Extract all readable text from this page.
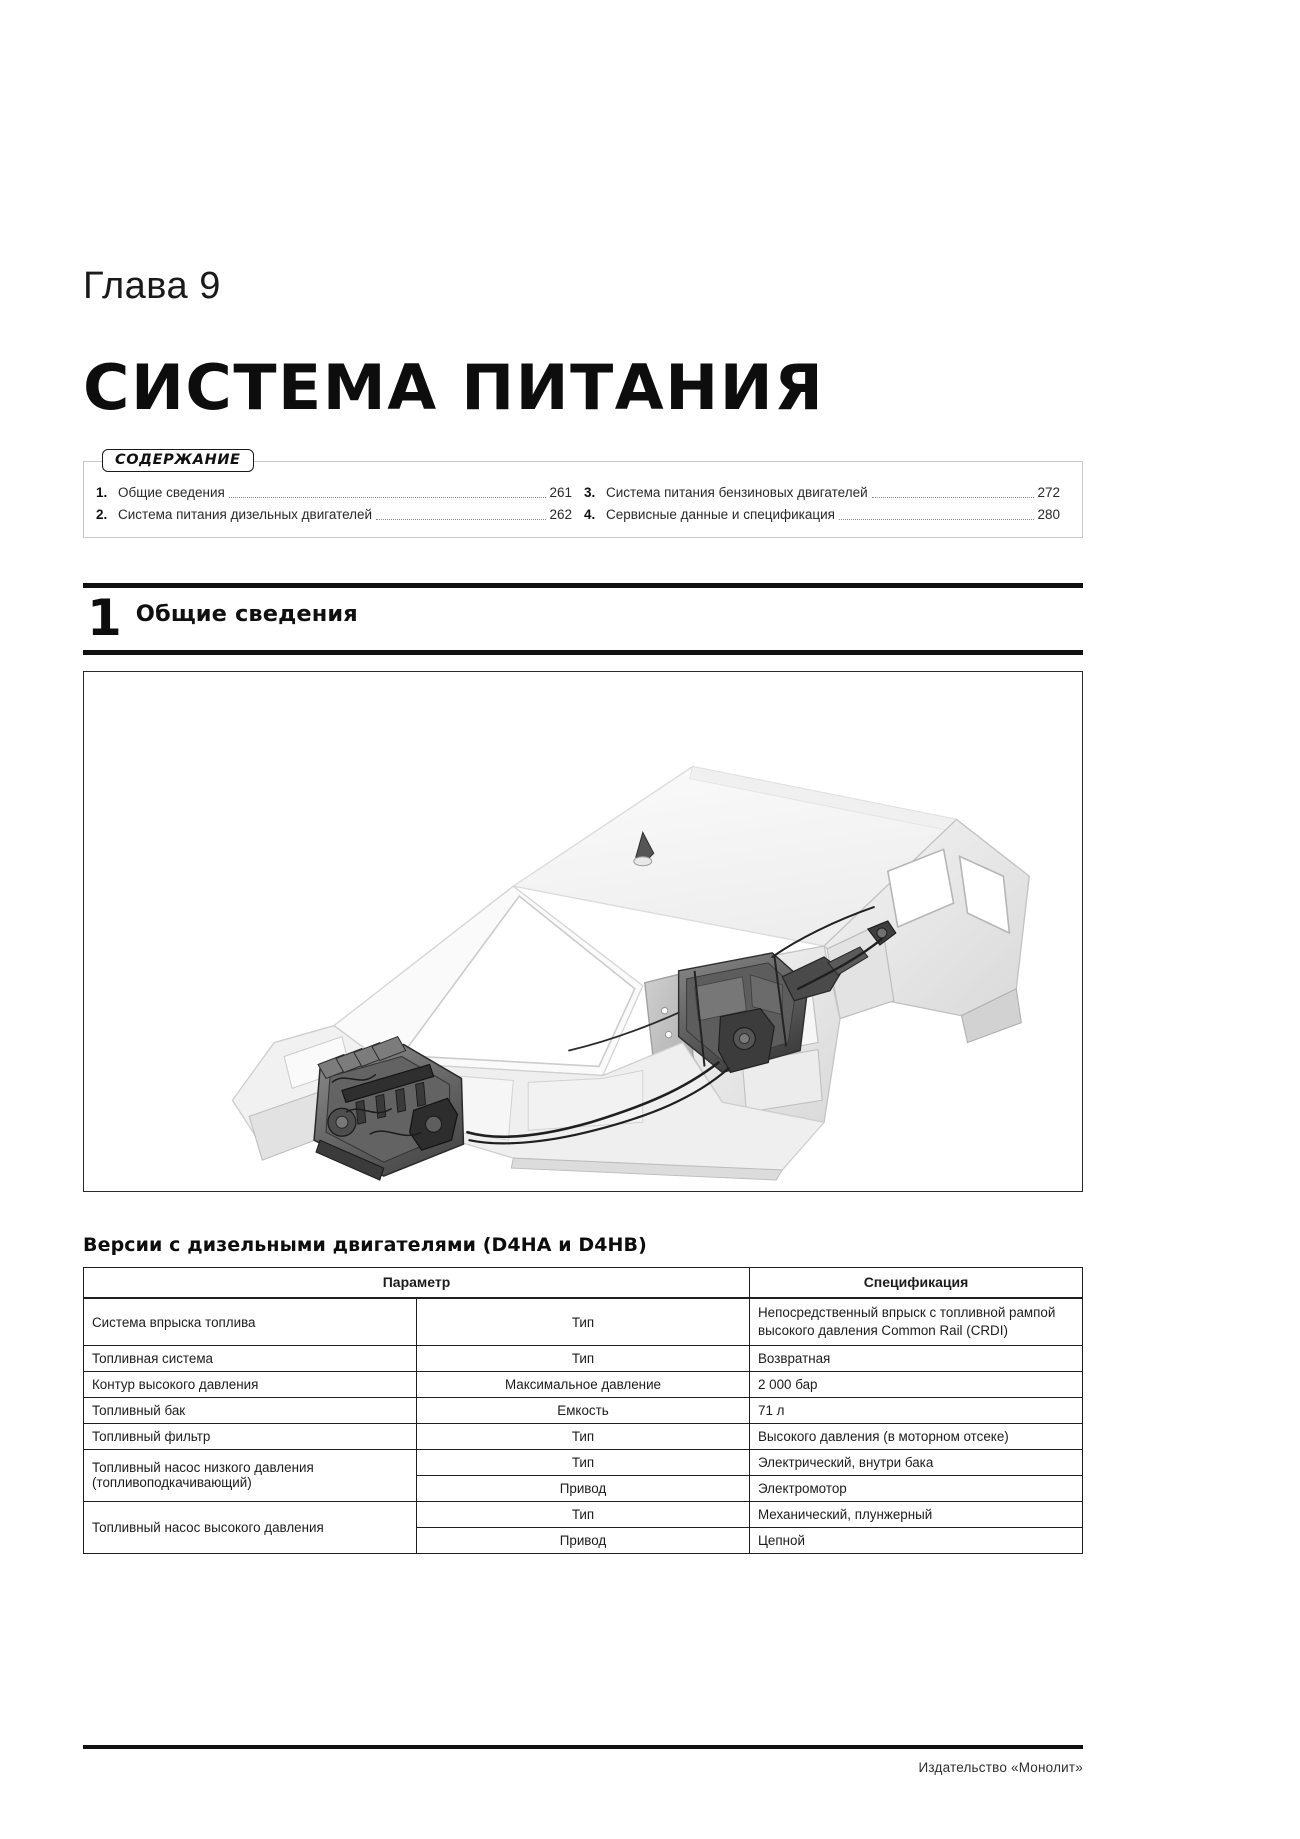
Глава 9
СИСТЕМА ПИТАНИЯ
СОДЕРЖАНИЕ
1. Общие сведения	261
2. Система питания дизельных двигателей	262
3. Система питания бензиновых двигателей	272
4. Сервисные данные и спецификация	280
1 Общие сведения
Версии с дизельными двигателями (D4HA и D4HB)
Параметр		Спецификация
Система впрыска топлива	Тип	Непосредственный впрыск с топливной рампой высокого давления Common Rail (CRDI)
Топливная система	Тип	Возвратная
Контур высокого давления	Максимальное давление	2 000 бар
Топливный бак	Емкость	71 л
Топливный фильтр	Тип	Высокого давления (в моторном отсеке)
Топливный насос низкого давления (топливоподкачивающий)	Тип	Электрический, внутри бака
	Привод	Электромотор
Топливный насос высокого давления	Тип	Механический, плунжерный
	Привод	Цепной
Издательство «Монолит»
